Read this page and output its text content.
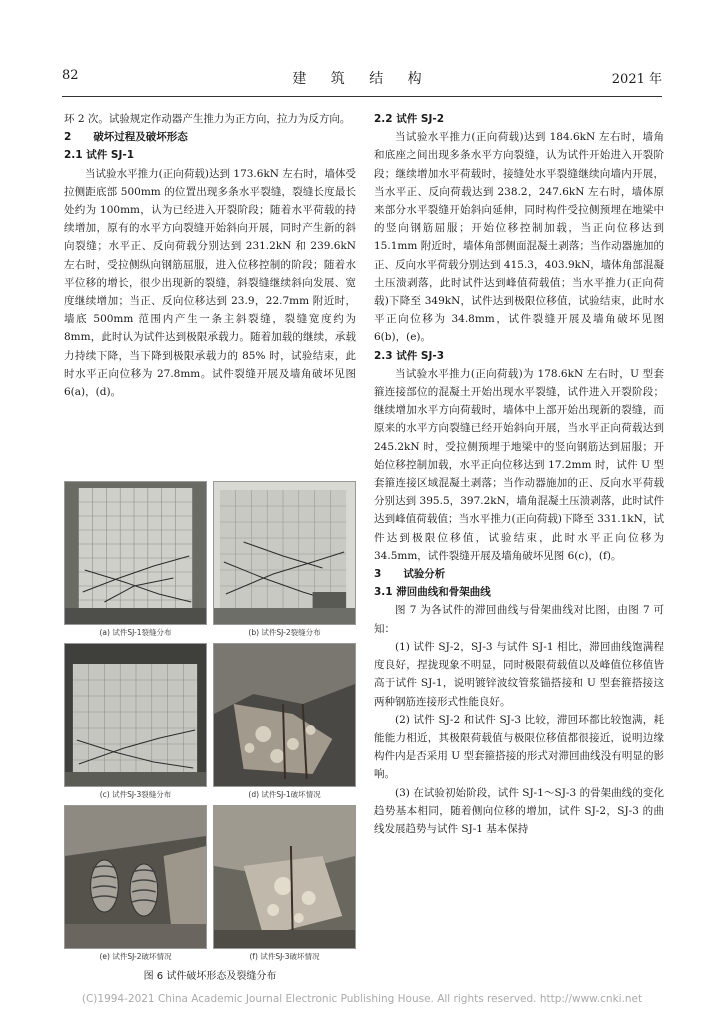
82	建 筑 结 构	2021 年

环 2 次。试验规定作动器产生推力为正方向，拉力为反方向。

2 破坏过程及破坏形态

2.1 试件 SJ-1

当试验水平推力(正向荷载)达到 173.6kN 左右时，墙体受拉侧距底部 500mm 的位置出现多条水平裂缝，裂缝长度最长处约为 100mm，认为已经进入开裂阶段；随着水平荷载的持续增加，原有的水平方向裂缝开始斜向开展，同时产生新的斜向裂缝；水平正、反向荷载分别达到 231.2kN 和 239.6kN 左右时，受拉侧纵向钢筋屈服，进入位移控制的阶段；随着水平位移的增长，很少出现新的裂缝，斜裂缝继续斜向发展、宽度继续增加；当正、反向位移达到 23.9，22.7mm 附近时，墙底 500mm 范围内产生一条主斜裂缝，裂缝宽度约为 8mm，此时认为试件达到极限承载力。随着加载的继续，承载力持续下降，当下降到极限承载力的 85% 时，试验结束，此时水平正向位移为 27.8mm。试件裂缝开展及墙角破坏见图 6(a)，(d)。

(a) 试件SJ-1裂缝分布	(b) 试件SJ-2裂缝分布
(c) 试件SJ-3裂缝分布	(d) 试件SJ-1破坏情况
(e) 试件SJ-2破坏情况	(f) 试件SJ-3破坏情况
图 6 试件破坏形态及裂缝分布

2.2 试件 SJ-2

当试验水平推力(正向荷载)达到 184.6kN 左右时，墙角和底座之间出现多条水平方向裂缝，认为试件开始进入开裂阶段；继续增加水平荷载时，接缝处水平裂缝继续向墙内开展，当水平正、反向荷载达到 238.2，247.6kN 左右时，墙体原来部分水平裂缝开始斜向延伸，同时构件受拉侧预埋在地梁中的竖向钢筋屈服；开始位移控制加载，当正向位移达到 15.1mm 附近时，墙体角部侧面混凝土剥落；当作动器施加的正、反向水平荷载分别达到 415.3，403.9kN，墙体角部混凝土压溃剥落，此时试件达到峰值荷载值；当水平推力(正向荷载)下降至 349kN，试件达到极限位移值，试验结束，此时水平正向位移为 34.8mm，试件裂缝开展及墙角破坏见图 6(b)，(e)。

2.3 试件 SJ-3

当试验水平推力(正向荷载)为 178.6kN 左右时，U 型套箍连接部位的混凝土开始出现水平裂缝，试件进入开裂阶段；继续增加水平方向荷载时，墙体中上部开始出现新的裂缝，而原来的水平方向裂缝已经开始斜向开展，当水平正向荷载达到 245.2kN 时，受拉侧预埋于地梁中的竖向钢筋达到屈服；开始位移控制加载，水平正向位移达到 17.2mm 时，试件 U 型套箍连接区域混凝土剥落；当作动器施加的正、反向水平荷载分别达到 395.5，397.2kN，墙角混凝土压溃剥落，此时试件达到峰值荷载值；当水平推力(正向荷载)下降至 331.1kN，试件达到极限位移值，试验结束，此时水平正向位移为 34.5mm，试件裂缝开展及墙角破坏见图 6(c)，(f)。

3 试验分析

3.1 滞回曲线和骨架曲线

图 7 为各试件的滞回曲线与骨架曲线对比图，由图 7 可知：

(1) 试件 SJ-2，SJ-3 与试件 SJ-1 相比，滞回曲线饱满程度良好，捏拢现象不明显，同时极限荷载值以及峰值位移值皆高于试件 SJ-1，说明镀锌波纹管浆锚搭接和 U 型套箍搭接这两种钢筋连接形式性能良好。

(2) 试件 SJ-2 和试件 SJ-3 比较，滞回环都比较饱满，耗能能力相近，其极限荷载值与极限位移值都很接近，说明边缘构件内是否采用 U 型套箍搭接的形式对滞回曲线没有明显的影响。

(3) 在试验初始阶段，试件 SJ-1～SJ-3 的骨架曲线的变化趋势基本相同，随着侧向位移的增加，试件 SJ-2，SJ-3 的曲线发展趋势与试件 SJ-1 基本保持

(C)1994-2021 China Academic Journal Electronic Publishing House. All rights reserved. http://www.cnki.net
